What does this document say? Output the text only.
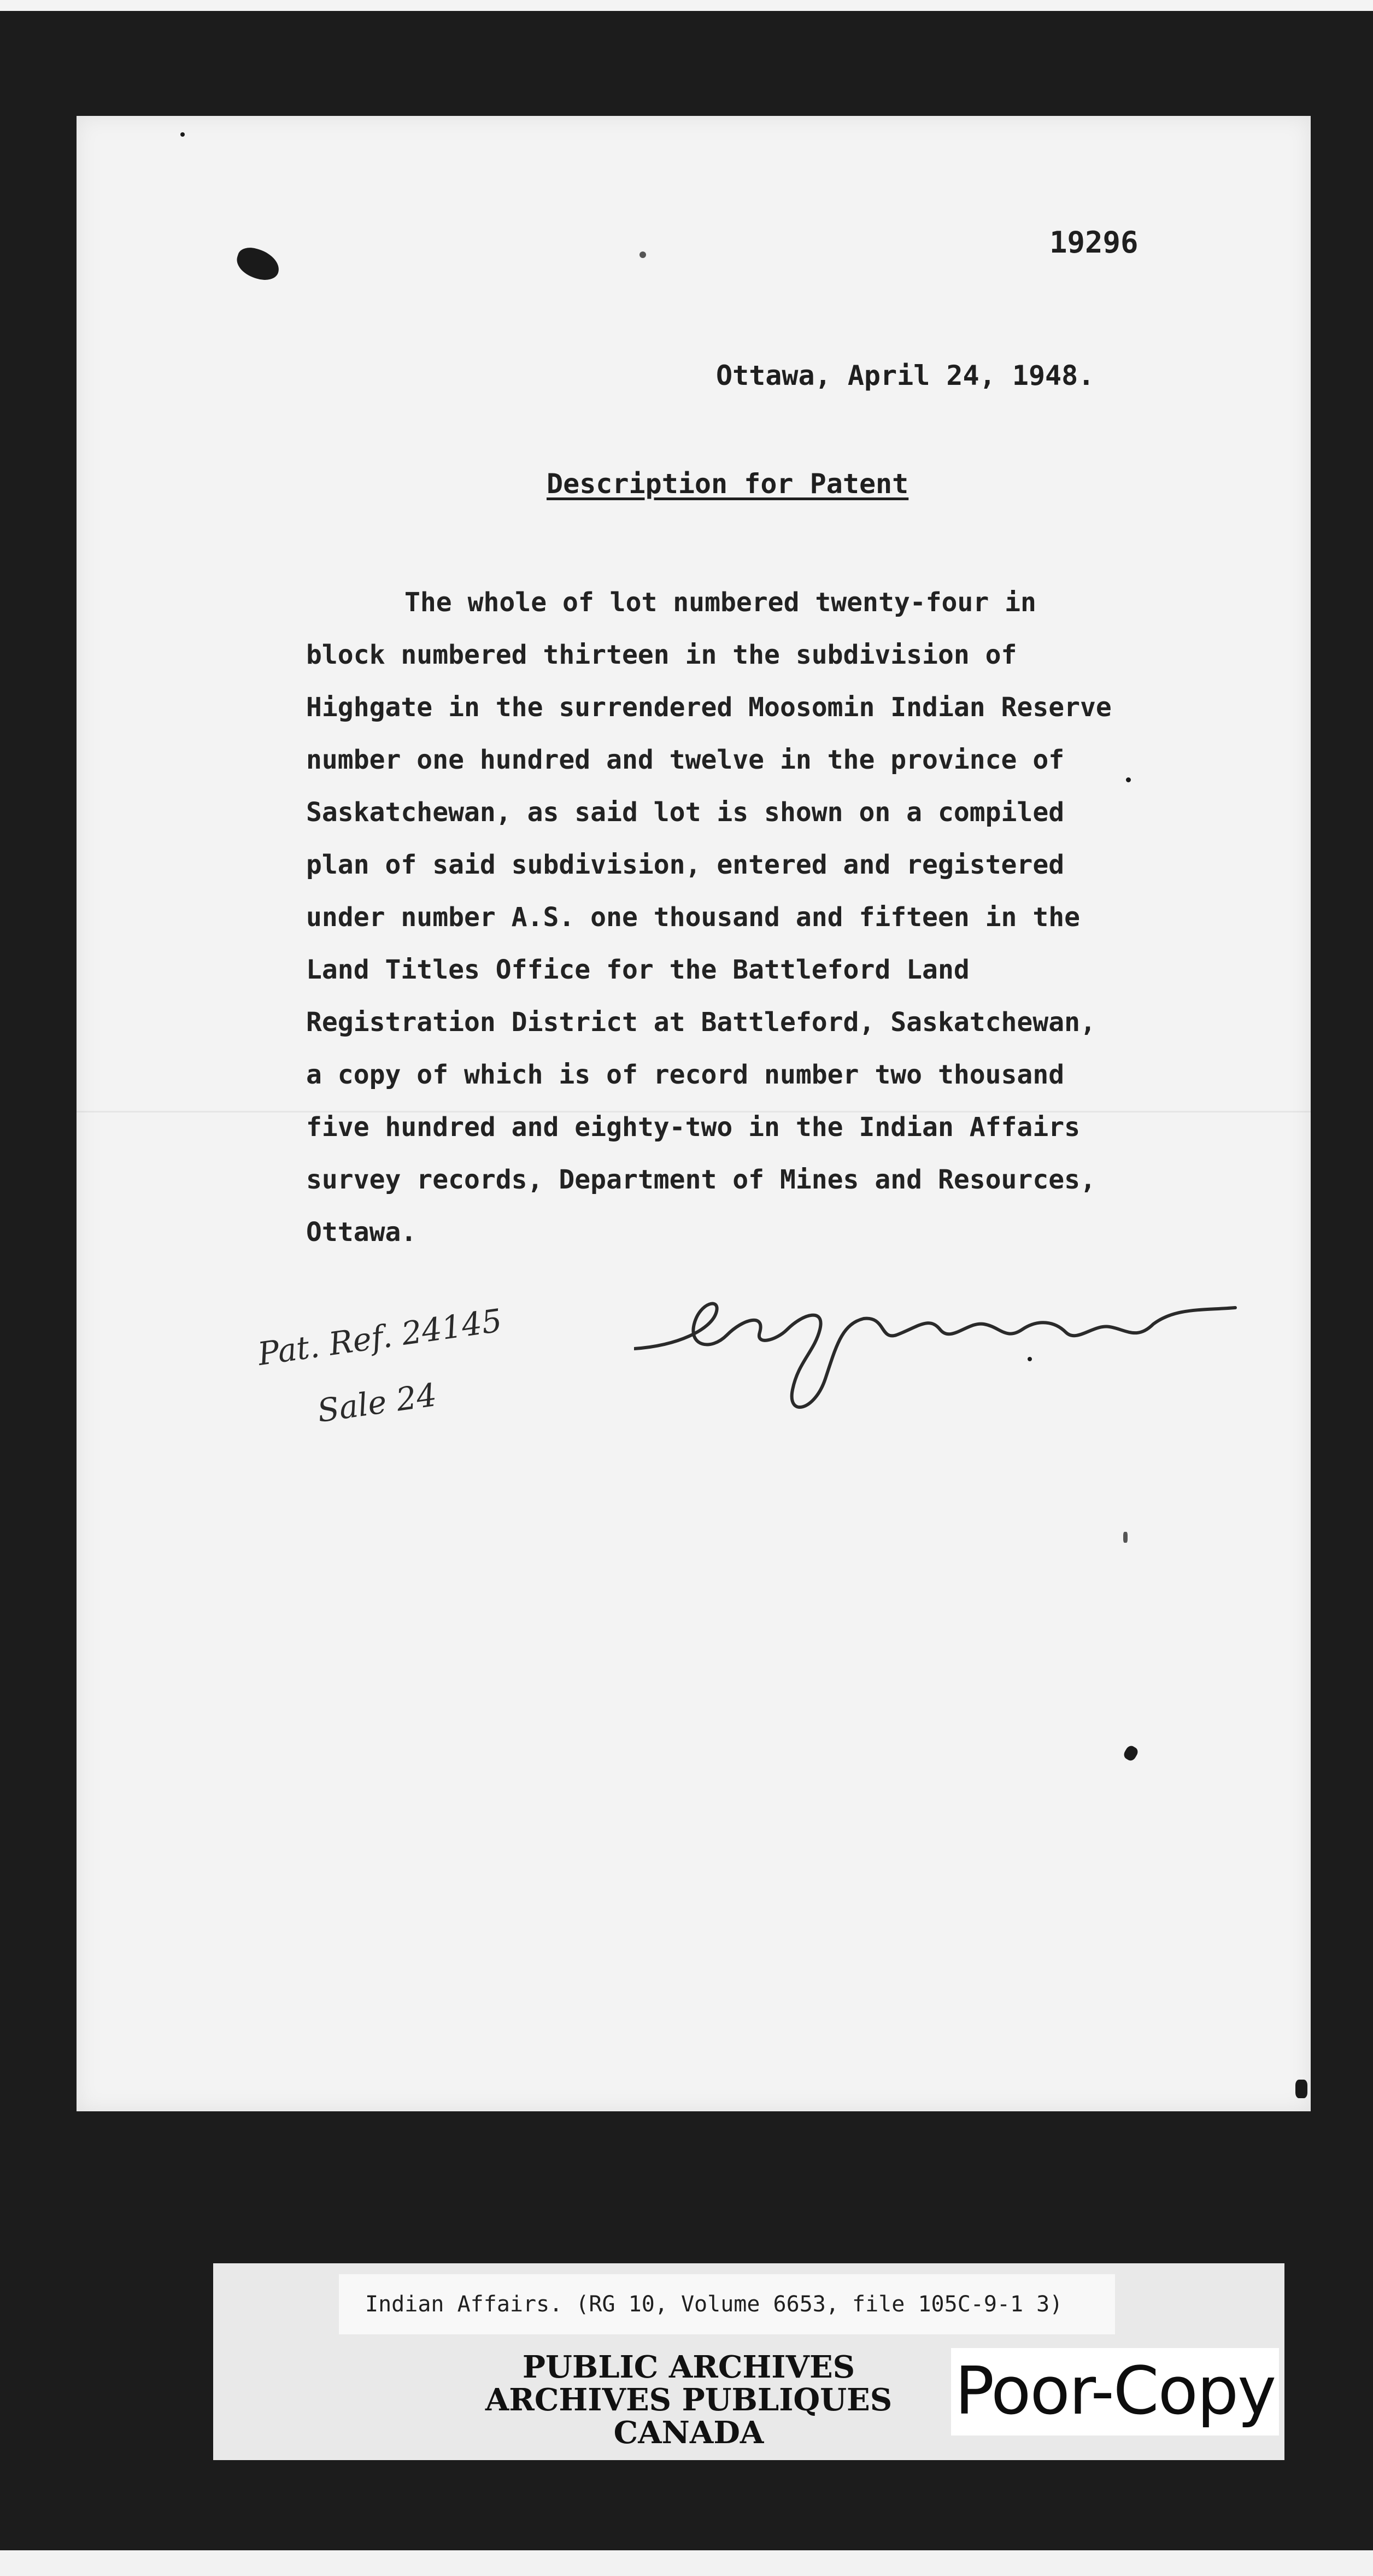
19296
Ottawa, April 24, 1948.
Description for Patent
The whole of lot numbered twenty-four in
block numbered thirteen in the subdivision of
Highgate in the surrendered Moosomin Indian Reserve
number one hundred and twelve in the province of
Saskatchewan, as said lot is shown on a compiled
plan of said subdivision, entered and registered
under number A.S. one thousand and fifteen in the
Land Titles Office for the Battleford Land
Registration District at Battleford, Saskatchewan,
a copy of which is of record number two thousand
five hundred and eighty-two in the Indian Affairs
survey records, Department of Mines and Resources,
Ottawa.
Pat. Ref. 24145
Sale 24
Indian Affairs. (RG 10, Volume 6653, file 105C-9-1 3)
PUBLIC ARCHIVES
ARCHIVES PUBLIQUES
CANADA
Poor-Copy
